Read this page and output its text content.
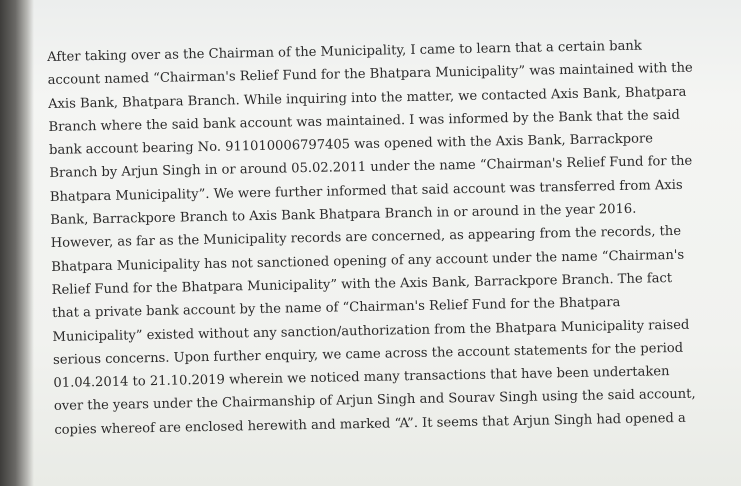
After taking over as the Chairman of the Municipality, I came to learn that a certain bank
account named “Chairman's Relief Fund for the Bhatpara Municipality” was maintained with the
Axis Bank, Bhatpara Branch. While inquiring into the matter, we contacted Axis Bank, Bhatpara
Branch where the said bank account was maintained. I was informed by the Bank that the said
bank account bearing No. 911010006797405 was opened with the Axis Bank, Barrackpore
Branch by Arjun Singh in or around 05.02.2011 under the name “Chairman's Relief Fund for the
Bhatpara Municipality”. We were further informed that said account was transferred from Axis
Bank, Barrackpore Branch to Axis Bank Bhatpara Branch in or around in the year 2016.
However, as far as the Municipality records are concerned, as appearing from the records, the
Bhatpara Municipality has not sanctioned opening of any account under the name “Chairman's
Relief Fund for the Bhatpara Municipality” with the Axis Bank, Barrackpore Branch. The fact
that a private bank account by the name of “Chairman's Relief Fund for the Bhatpara
Municipality” existed without any sanction/authorization from the Bhatpara Municipality raised
serious concerns. Upon further enquiry, we came across the account statements for the period
01.04.2014 to 21.10.2019 wherein we noticed many transactions that have been undertaken
over the years under the Chairmanship of Arjun Singh and Sourav Singh using the said account,
copies whereof are enclosed herewith and marked “A”. It seems that Arjun Singh had opened a
